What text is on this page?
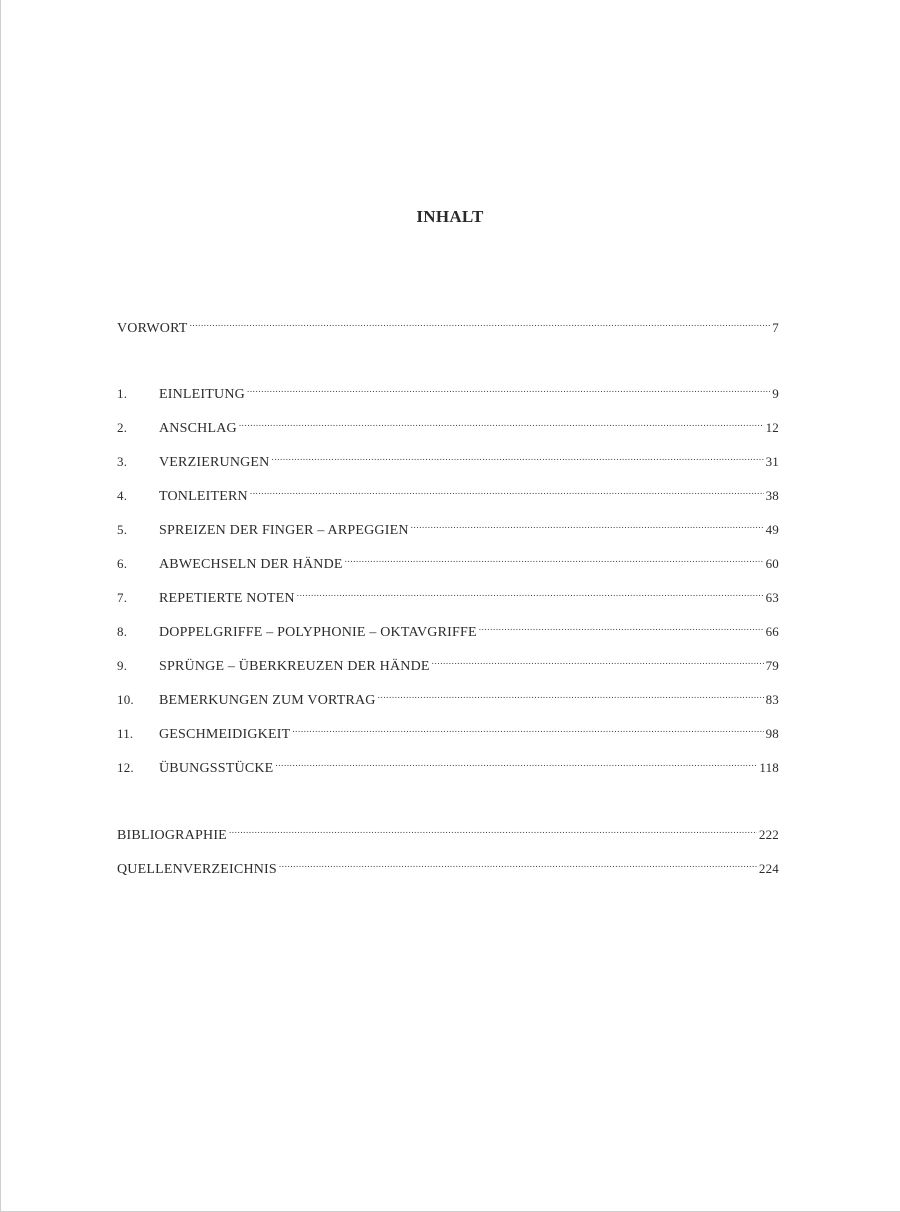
INHALT
VORWORT .....	7
1.	EINLEITUNG .....	9
2.	ANSCHLAG .....	12
3.	VERZIERUNGEN .....	31
4.	TONLEITERN .....	38
5.	SPREIZEN DER FINGER – ARPEGGIEN .....	49
6.	ABWECHSELN DER HÄNDE .....	60
7.	REPETIERTE NOTEN .....	63
8.	DOPPELGRIFFE – POLYPHONIE – OKTAVGRIFFE .....	66
9.	SPRÜNGE – ÜBERKREUZEN DER HÄNDE .....	79
10.	BEMERKUNGEN ZUM VORTRAG .....	83
11.	GESCHMEIDIGKEIT .....	98
12.	ÜBUNGSSTÜCKE .....	118
BIBLIOGRAPHIE .....	222
QUELLENVERZEICHNIS .....	224
